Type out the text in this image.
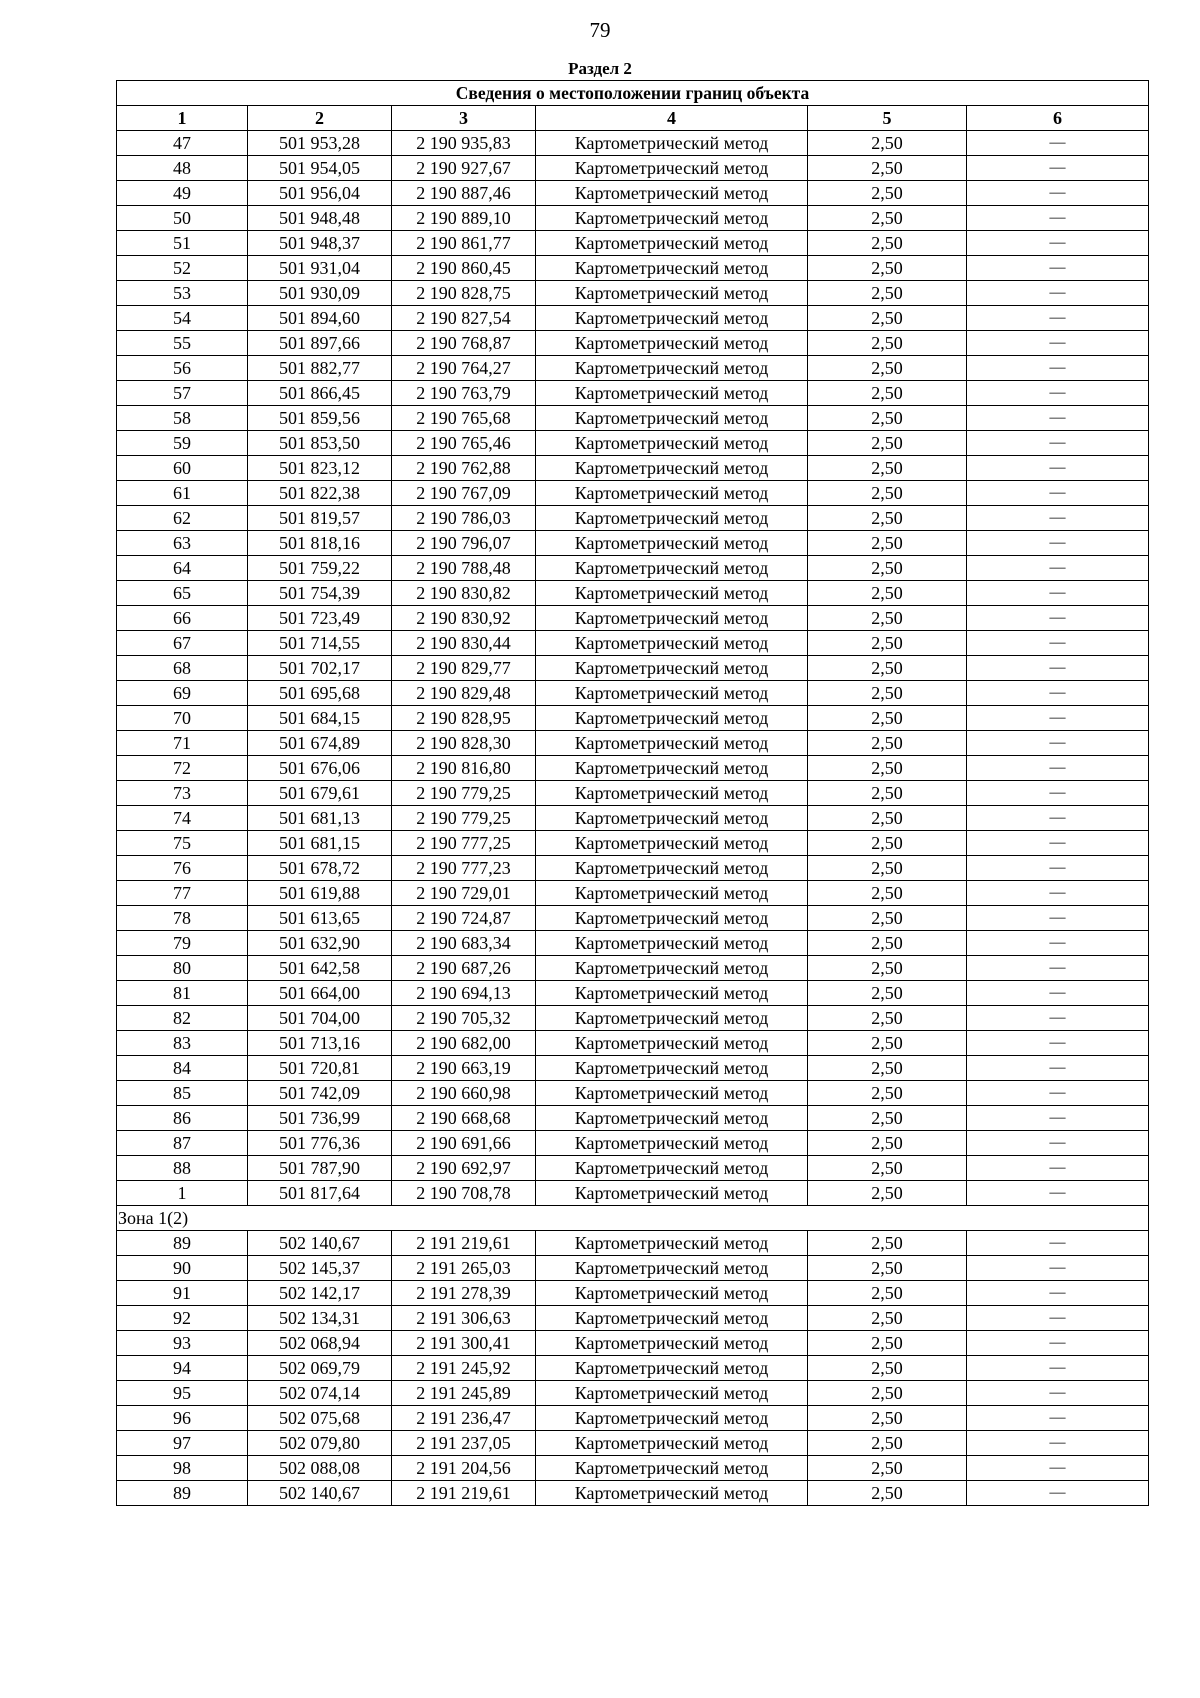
79
Раздел 2
Сведения о местоположении границ объекта					
1	2	3	4	5	6
47	501 953,28	2 190 935,83	Картометрический метод	2,50	—
48	501 954,05	2 190 927,67	Картометрический метод	2,50	—
49	501 956,04	2 190 887,46	Картометрический метод	2,50	—
50	501 948,48	2 190 889,10	Картометрический метод	2,50	—
51	501 948,37	2 190 861,77	Картометрический метод	2,50	—
52	501 931,04	2 190 860,45	Картометрический метод	2,50	—
53	501 930,09	2 190 828,75	Картометрический метод	2,50	—
54	501 894,60	2 190 827,54	Картометрический метод	2,50	—
55	501 897,66	2 190 768,87	Картометрический метод	2,50	—
56	501 882,77	2 190 764,27	Картометрический метод	2,50	—
57	501 866,45	2 190 763,79	Картометрический метод	2,50	—
58	501 859,56	2 190 765,68	Картометрический метод	2,50	—
59	501 853,50	2 190 765,46	Картометрический метод	2,50	—
60	501 823,12	2 190 762,88	Картометрический метод	2,50	—
61	501 822,38	2 190 767,09	Картометрический метод	2,50	—
62	501 819,57	2 190 786,03	Картометрический метод	2,50	—
63	501 818,16	2 190 796,07	Картометрический метод	2,50	—
64	501 759,22	2 190 788,48	Картометрический метод	2,50	—
65	501 754,39	2 190 830,82	Картометрический метод	2,50	—
66	501 723,49	2 190 830,92	Картометрический метод	2,50	—
67	501 714,55	2 190 830,44	Картометрический метод	2,50	—
68	501 702,17	2 190 829,77	Картометрический метод	2,50	—
69	501 695,68	2 190 829,48	Картометрический метод	2,50	—
70	501 684,15	2 190 828,95	Картометрический метод	2,50	—
71	501 674,89	2 190 828,30	Картометрический метод	2,50	—
72	501 676,06	2 190 816,80	Картометрический метод	2,50	—
73	501 679,61	2 190 779,25	Картометрический метод	2,50	—
74	501 681,13	2 190 779,25	Картометрический метод	2,50	—
75	501 681,15	2 190 777,25	Картометрический метод	2,50	—
76	501 678,72	2 190 777,23	Картометрический метод	2,50	—
77	501 619,88	2 190 729,01	Картометрический метод	2,50	—
78	501 613,65	2 190 724,87	Картометрический метод	2,50	—
79	501 632,90	2 190 683,34	Картометрический метод	2,50	—
80	501 642,58	2 190 687,26	Картометрический метод	2,50	—
81	501 664,00	2 190 694,13	Картометрический метод	2,50	—
82	501 704,00	2 190 705,32	Картометрический метод	2,50	—
83	501 713,16	2 190 682,00	Картометрический метод	2,50	—
84	501 720,81	2 190 663,19	Картометрический метод	2,50	—
85	501 742,09	2 190 660,98	Картометрический метод	2,50	—
86	501 736,99	2 190 668,68	Картометрический метод	2,50	—
87	501 776,36	2 190 691,66	Картометрический метод	2,50	—
88	501 787,90	2 190 692,97	Картометрический метод	2,50	—
1	501 817,64	2 190 708,78	Картометрический метод	2,50	—
Зона 1(2)					
89	502 140,67	2 191 219,61	Картометрический метод	2,50	—
90	502 145,37	2 191 265,03	Картометрический метод	2,50	—
91	502 142,17	2 191 278,39	Картометрический метод	2,50	—
92	502 134,31	2 191 306,63	Картометрический метод	2,50	—
93	502 068,94	2 191 300,41	Картометрический метод	2,50	—
94	502 069,79	2 191 245,92	Картометрический метод	2,50	—
95	502 074,14	2 191 245,89	Картометрический метод	2,50	—
96	502 075,68	2 191 236,47	Картометрический метод	2,50	—
97	502 079,80	2 191 237,05	Картометрический метод	2,50	—
98	502 088,08	2 191 204,56	Картометрический метод	2,50	—
89	502 140,67	2 191 219,61	Картометрический метод	2,50	—
